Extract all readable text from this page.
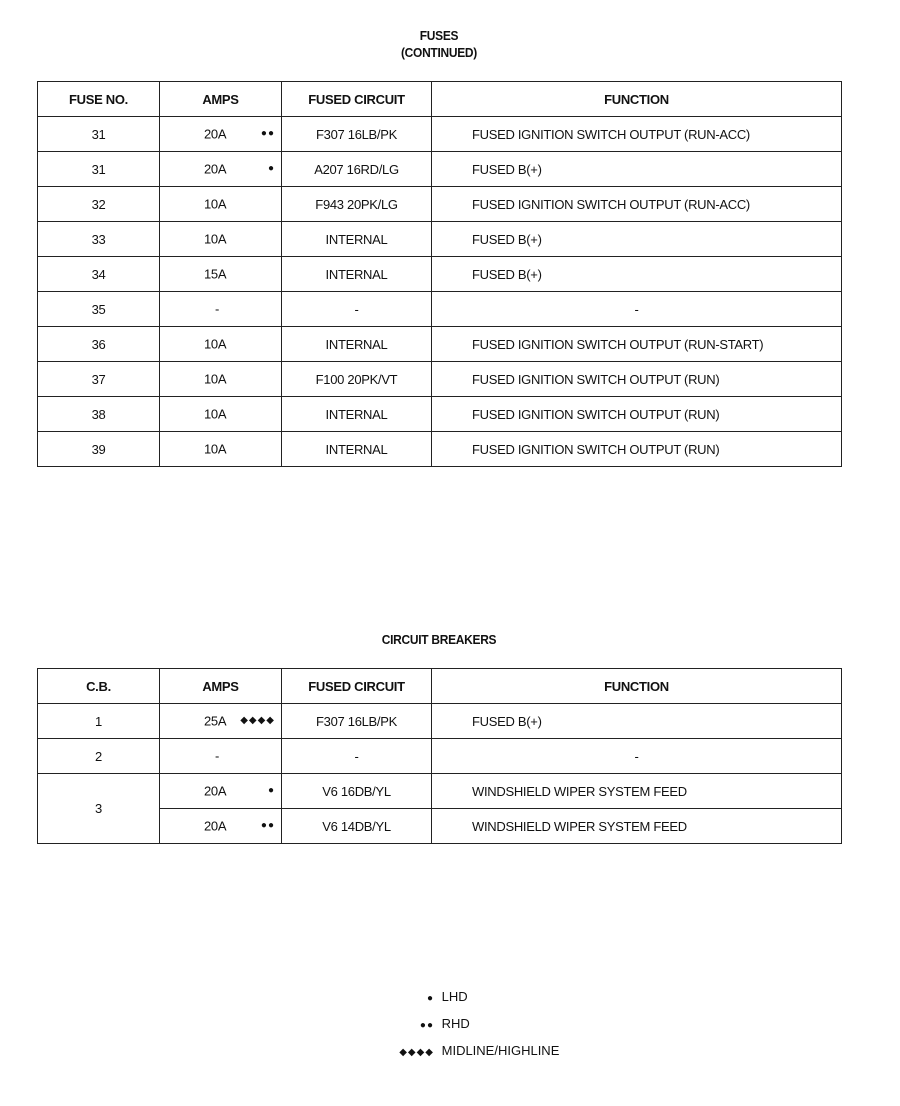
FUSES
(CONTINUED)
FUSE NO.	AMPS	FUSED CIRCUIT	FUNCTION
31	20A ●●	F307 16LB/PK	FUSED IGNITION SWITCH OUTPUT (RUN-ACC)
31	20A ●	A207 16RD/LG	FUSED B(+)
32	10A	F943 20PK/LG	FUSED IGNITION SWITCH OUTPUT (RUN-ACC)
33	10A	INTERNAL	FUSED B(+)
34	15A	INTERNAL	FUSED B(+)
35	-	-	-
36	10A	INTERNAL	FUSED IGNITION SWITCH OUTPUT (RUN-START)
37	10A	F100 20PK/VT	FUSED IGNITION SWITCH OUTPUT (RUN)
38	10A	INTERNAL	FUSED IGNITION SWITCH OUTPUT (RUN)
39	10A	INTERNAL	FUSED IGNITION SWITCH OUTPUT (RUN)
CIRCUIT BREAKERS
C.B.	AMPS	FUSED CIRCUIT	FUNCTION
1	25A ◆◆◆◆	F307 16LB/PK	FUSED B(+)
2	-	-	-
3	20A ●	V6 16DB/YL	WINDSHIELD WIPER SYSTEM FEED

	20A ●●	V6 14DB/YL	WINDSHIELD WIPER SYSTEM FEED
● LHD
●● RHD
◆◆◆◆ MIDLINE/HIGHLINE
